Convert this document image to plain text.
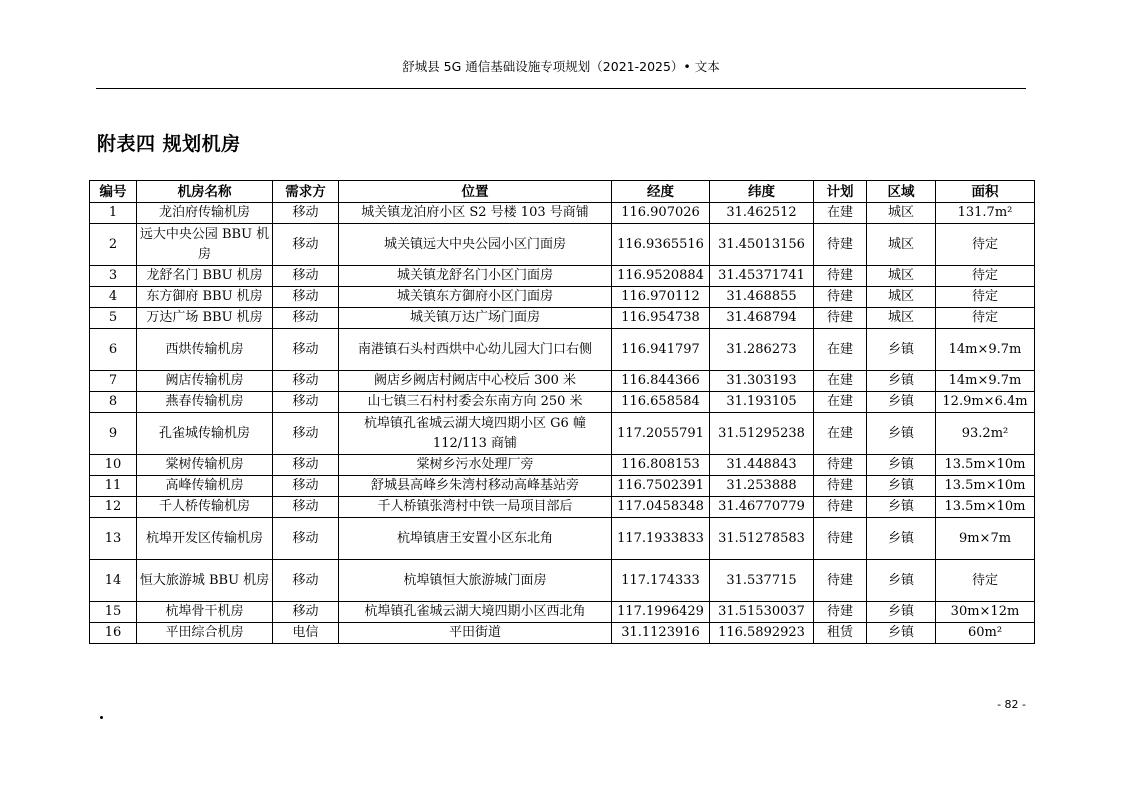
舒城县 5G 通信基础设施专项规划（2021-2025）• 文本
附表四 规划机房
编号	机房名称	需求方	位置	经度	纬度	计划	区域	面积
1	龙泊府传输机房	移动	城关镇龙泊府小区 S2 号楼 103 号商铺	116.907026	31.462512	在建	城区	131.7m²
2	远大中央公园 BBU 机房	移动	城关镇远大中央公园小区门面房	116.9365516	31.45013156	待建	城区	待定
3	龙舒名门 BBU 机房	移动	城关镇龙舒名门小区门面房	116.9520884	31.45371741	待建	城区	待定
4	东方御府 BBU 机房	移动	城关镇东方御府小区门面房	116.970112	31.468855	待建	城区	待定
5	万达广场 BBU 机房	移动	城关镇万达广场门面房	116.954738	31.468794	待建	城区	待定
6	西烘传输机房	移动	南港镇石头村西烘中心幼儿园大门口右侧	116.941797	31.286273	在建	乡镇	14m×9.7m
7	阙店传输机房	移动	阙店乡阙店村阙店中心校后 300 米	116.844366	31.303193	在建	乡镇	14m×9.7m
8	燕春传输机房	移动	山七镇三石村村委会东南方向 250 米	116.658584	31.193105	在建	乡镇	12.9m×6.4m
9	孔雀城传输机房	移动	杭埠镇孔雀城云湖大境四期小区 G6 幢 112/113 商铺	117.2055791	31.51295238	在建	乡镇	93.2m²
10	棠树传输机房	移动	棠树乡污水处理厂旁	116.808153	31.448843	待建	乡镇	13.5m×10m
11	高峰传输机房	移动	舒城县高峰乡朱湾村移动高峰基站旁	116.7502391	31.253888	待建	乡镇	13.5m×10m
12	千人桥传输机房	移动	千人桥镇张湾村中铁一局项目部后	117.0458348	31.46770779	待建	乡镇	13.5m×10m
13	杭埠开发区传输机房	移动	杭埠镇唐王安置小区东北角	117.1933833	31.51278583	待建	乡镇	9m×7m
14	恒大旅游城 BBU 机房	移动	杭埠镇恒大旅游城门面房	117.174333	31.537715	待建	乡镇	待定
15	杭埠骨干机房	移动	杭埠镇孔雀城云湖大境四期小区西北角	117.1996429	31.51530037	待建	乡镇	30m×12m
16	平田综合机房	电信	平田街道	31.1123916	116.5892923	租赁	乡镇	60m²
- 82 -
